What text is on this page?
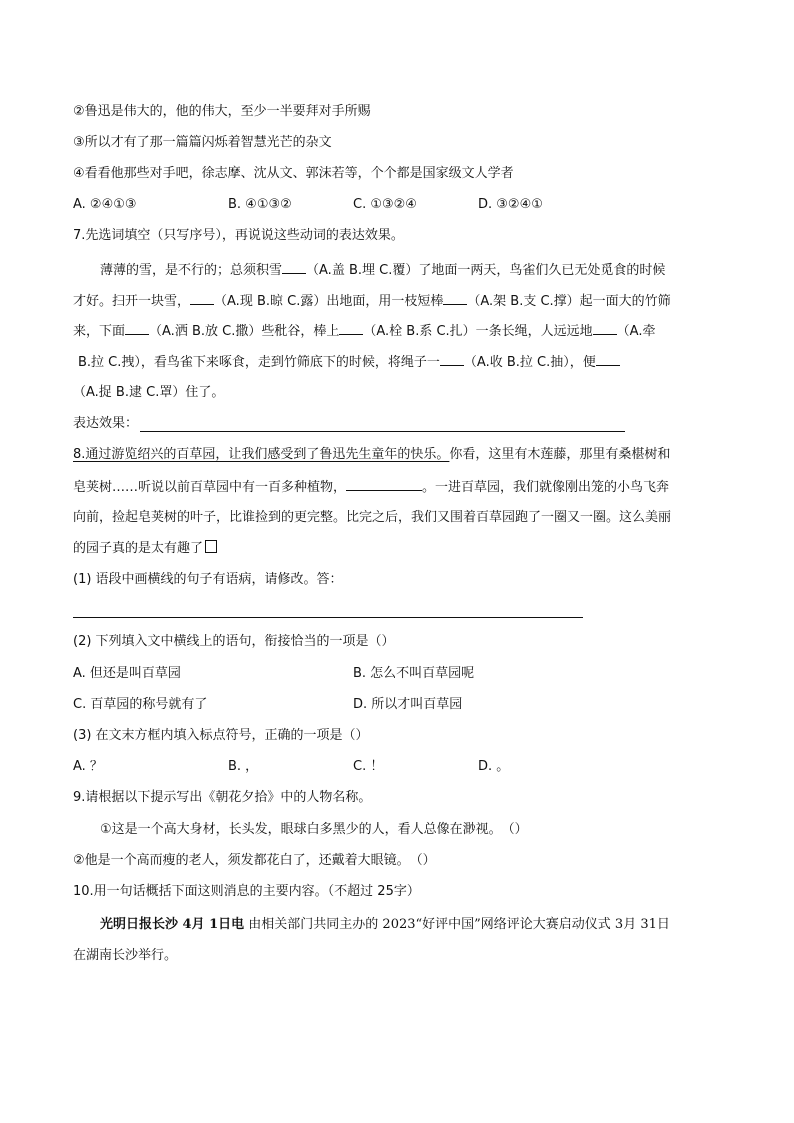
②鲁迅是伟大的，他的伟大，至少一半要拜对手所赐
③所以才有了那一篇篇闪烁着智慧光芒的杂文
④看看他那些对手吧，徐志摩、沈从文、郭沫若等，个个都是国家级文人学者
A. ②④①③	B. ④①③②	C. ①③②④	D. ③②④①
7.先选词填空（只写序号），再说说这些动词的表达效果。
薄薄的雪，是不行的；总须积雪 （A.盖 B.埋 C.覆）了地面一两天，鸟雀们久已无处觅食的时候
才好。扫开一块雪， （A.现 B.晾 C.露）出地面，用一枝短棒 （A.架 B.支 C.撑）起一面大的竹筛
来，下面 （A.洒 B.放 C.撒）些秕谷，棒上 （A.栓 B.系 C.扎）一条长绳，人远远地 （A.牵
B.拉 C.拽），看鸟雀下来啄食，走到竹筛底下的时候，将绳子一 （A.收 B.拉 C.抽），便
（A.捉 B.逮 C.罩）住了。
表达效果：
8.通过游览绍兴的百草园，让我们感受到了鲁迅先生童年的快乐。你看，这里有木莲藤，那里有桑椹树和
皂荚树……听说以前百草园中有一百多种植物，	。一进百草园，我们就像刚出笼的小鸟飞奔
向前，捡起皂荚树的叶子，比谁捡到的更完整。比完之后，我们又围着百草园跑了一圈又一圈。这么美丽
的园子真的是太有趣了
(1) 语段中画横线的句子有语病，请修改。答：
(2) 下列填入文中横线上的语句，衔接恰当的一项是（）
A. 但还是叫百草园	B. 怎么不叫百草园呢
C. 百草园的称号就有了	D. 所以才叫百草园
(3) 在文末方框内填入标点符号，正确的一项是（）
A. ？	B. ，	C. ！	D. 。
9.请根据以下提示写出《朝花夕拾》中的人物名称。
①这是一个高大身材，长头发，眼球白多黑少的人，看人总像在渺视。　（）
②他是一个高而瘦的老人，须发都花白了，还戴着大眼镜。　（）
10.用一句话概括下面这则消息的主要内容。（不超过 25字）
光明日报长沙 4月 1日电 由相关部门共同主办的 2023“好评中国”网络评论大赛启动仪式 3月 31日
在湖南长沙举行。
